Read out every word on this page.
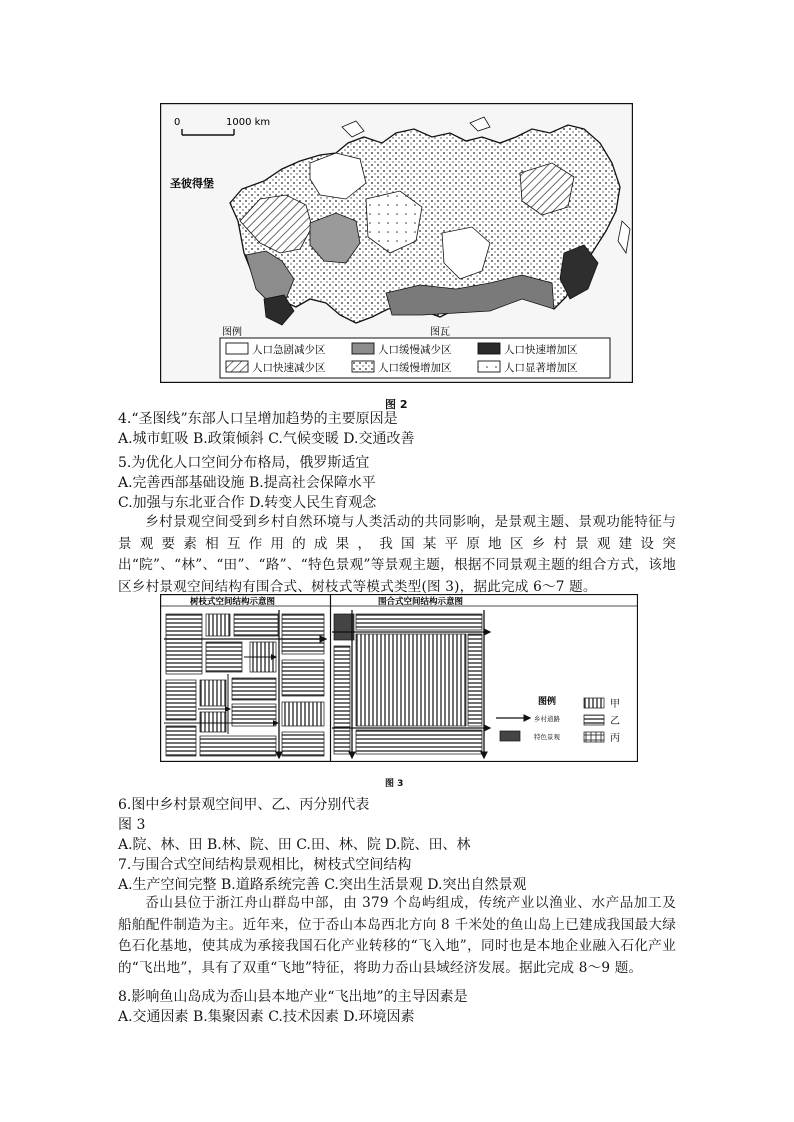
0	1000 km
圣彼得堡
图例	图瓦
人口急剧减少区	人口缓慢减少区	人口快速增加区
人口快速减少区	人口缓慢增加区	人口显著增加区
图 2
4.“圣图线”东部人口呈增加趋势的主要原因是
A.城市虹吸 B.政策倾斜 C.气候变暖 D.交通改善
5.为优化人口空间分布格局，俄罗斯适宜
A.完善西部基础设施 B.提高社会保障水平
C.加强与东北亚合作 D.转变人民生育观念
乡村景观空间受到乡村自然环境与人类活动的共同影响，是景观主题、景观功能特征与景观要素相互作用的成果，我国某平原地区乡村景观建设突出“院”、“林”、“田”、“路”、“特色景观”等景观主题，根据不同景观主题的组合方式，该地区乡村景观空间结构有围合式、树枝式等模式类型(图 3)，据此完成 6～7 题。
树枝式空间结构示意图	围合式空间结构示意图
图例
乡村道路
特色景观
甲
乙
丙
图 3
6.图中乡村景观空间甲、乙、丙分别代表
图 3
A.院、林、田 B.林、院、田 C.田、林、院 D.院、田、林
7.与围合式空间结构景观相比，树枝式空间结构
A.生产空间完整 B.道路系统完善 C.突出生活景观 D.突出自然景观
岙山县位于浙江舟山群岛中部，由 379 个岛屿组成，传统产业以渔业、水产品加工及船舶配件制造为主。近年来，位于岙山本岛西北方向 8 千米处的鱼山岛上已建成我国最大绿色石化基地，使其成为承接我国石化产业转移的“飞入地”，同时也是本地企业融入石化产业的“飞出地”，具有了双重“飞地”特征，将助力岙山县域经济发展。据此完成 8～9 题。
8.影响鱼山岛成为岙山县本地产业“飞出地”的主导因素是
A.交通因素 B.集聚因素 C.技术因素 D.环境因素
